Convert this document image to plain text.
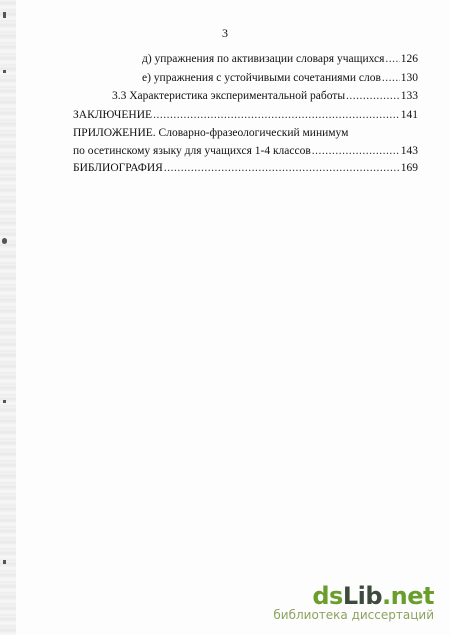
3
д) упражнения по активизации словаря учащихся ..... 126
е) упражнения с устойчивыми сочетаниями слов ..... 130
3.3 Характеристика экспериментальной работы .....	133
ЗАКЛЮЧЕНИЕ .....	141
ПРИЛОЖЕНИЕ. Словарно-фразеологический минимум
по осетинскому языку для учащихся 1-4 классов .....	143
БИБЛИОГРАФИЯ .....	169
dsLib.net
библиотека диссертаций
